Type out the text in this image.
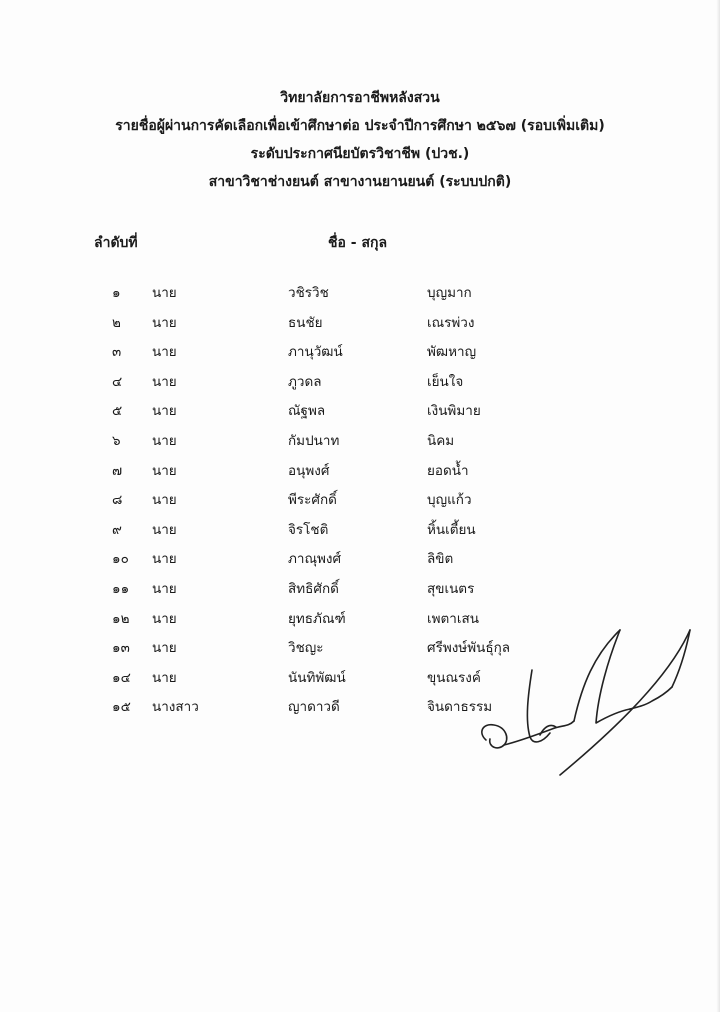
วิทยาลัยการอาชีพหลังสวน
รายชื่อผู้ผ่านการคัดเลือกเพื่อเข้าศึกษาต่อ ประจำปีการศึกษา ๒๕๖๗ (รอบเพิ่มเติม)
ระดับประกาศนียบัตรวิชาชีพ (ปวช.)
สาขาวิชาช่างยนต์ สาขางานยานยนต์ (ระบบปกติ)
ลำดับที่	ชื่อ - สกุล
๑ นาย	วชิรวิช	บุญมาก
๒ นาย	ธนชัย	เณรพ่วง
๓ นาย	ภานุวัฒน์	พัฒหาญ
๔ นาย	ภูวดล	เย็นใจ
๕ นาย	ณัฐพล	เงินพิมาย
๖ นาย	กัมปนาท	นิคม
๗ นาย	อนุพงศ์	ยอดน้ำ
๘ นาย	พีระศักดิ์	บุญแก้ว
๙ นาย	จิรโชติ	หิ้นเตี้ยน
๑๐ นาย	ภาณุพงศ์	ลิขิต
๑๑ นาย	สิทธิศักดิ์	สุขเนตร
๑๒ นาย	ยุทธภัณฑ์	เพตาเสน
๑๓ นาย	วิชญะ	ศรีพงษ์พันธุ์กุล
๑๔ นาย	นันทิพัฒน์	ขุนณรงค์
๑๕ นางสาว	ญาดาวดี	จินดาธรรม
